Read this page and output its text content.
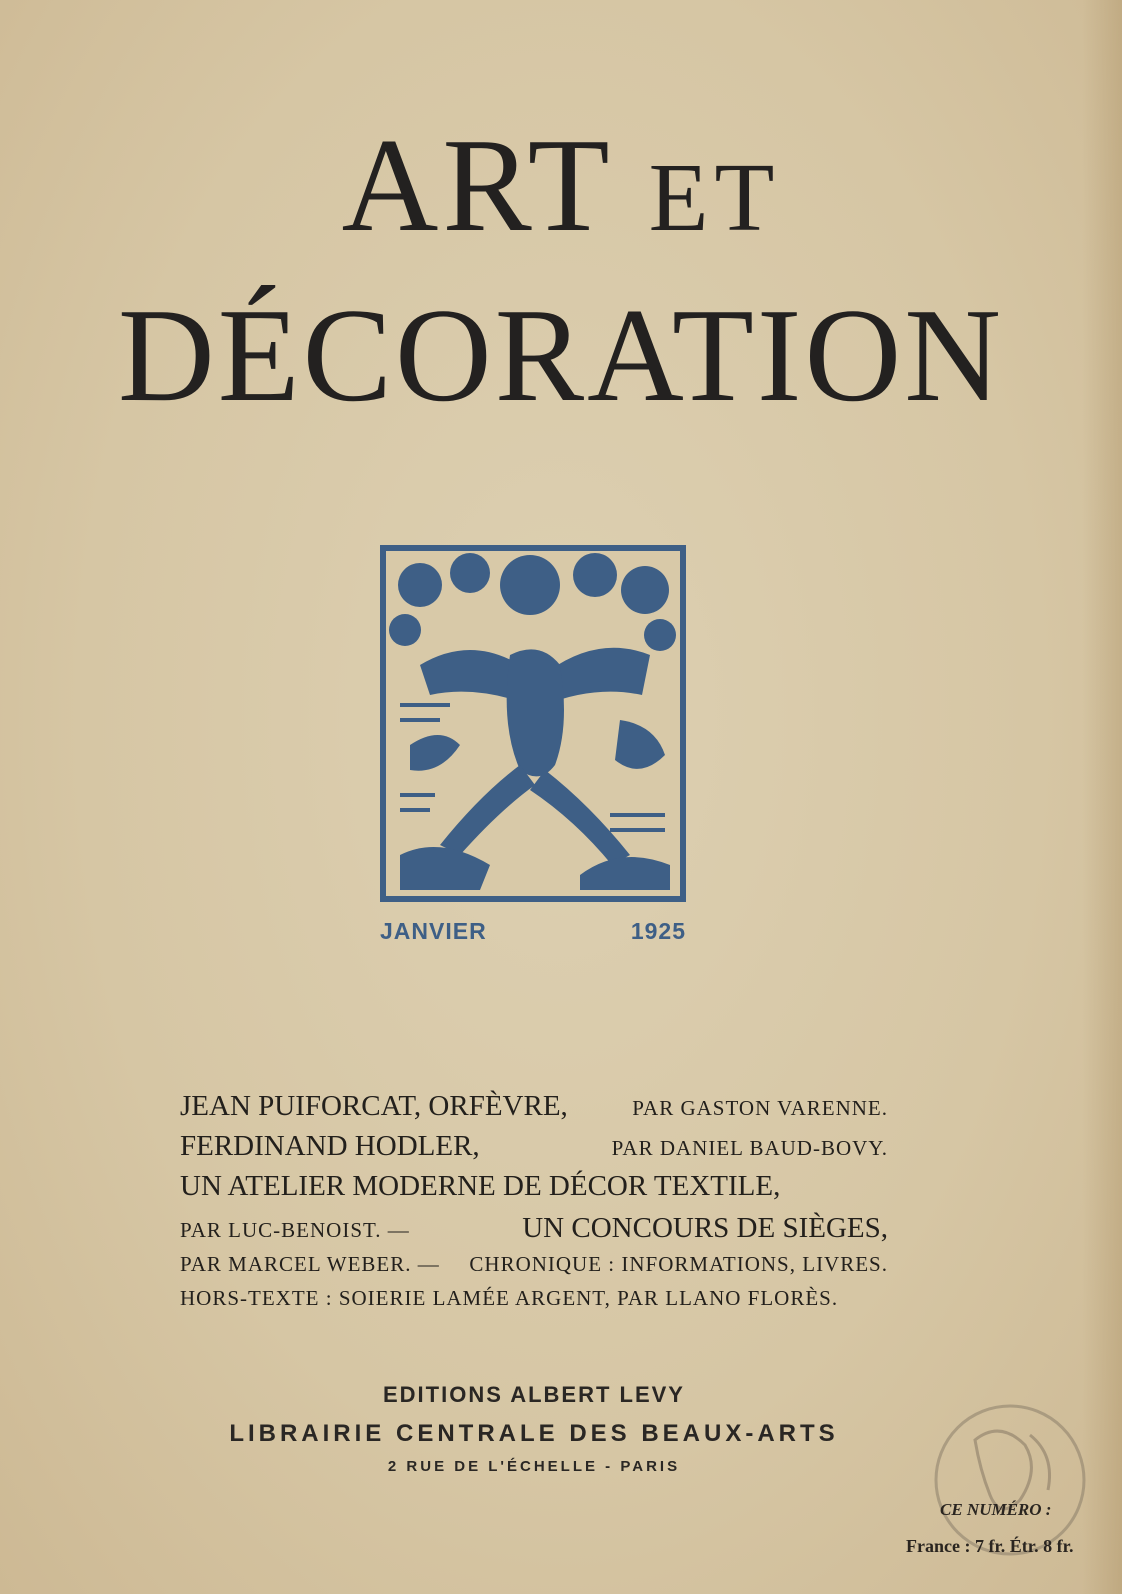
ART ET
DÉCORATION
JANVIER	1925
JEAN PUIFORCAT, ORFÈVRE,	PAR GASTON VARENNE.
FERDINAND HODLER,	PAR DANIEL BAUD-BOVY.
UN ATELIER MODERNE DE DÉCOR TEXTILE,
PAR LUC-BENOIST. —	UN CONCOURS DE SIÈGES,
PAR MARCEL WEBER. — CHRONIQUE : INFORMATIONS, LIVRES.
HORS-TEXTE : SOIERIE LAMÉE ARGENT, PAR LLANO FLORÈS.
EDITIONS ALBERT LEVY
LIBRAIRIE CENTRALE DES BEAUX-ARTS
2 RUE DE L'ÉCHELLE - PARIS
CE NUMÉRO :
France : 7 fr. Étr. 8 fr.
